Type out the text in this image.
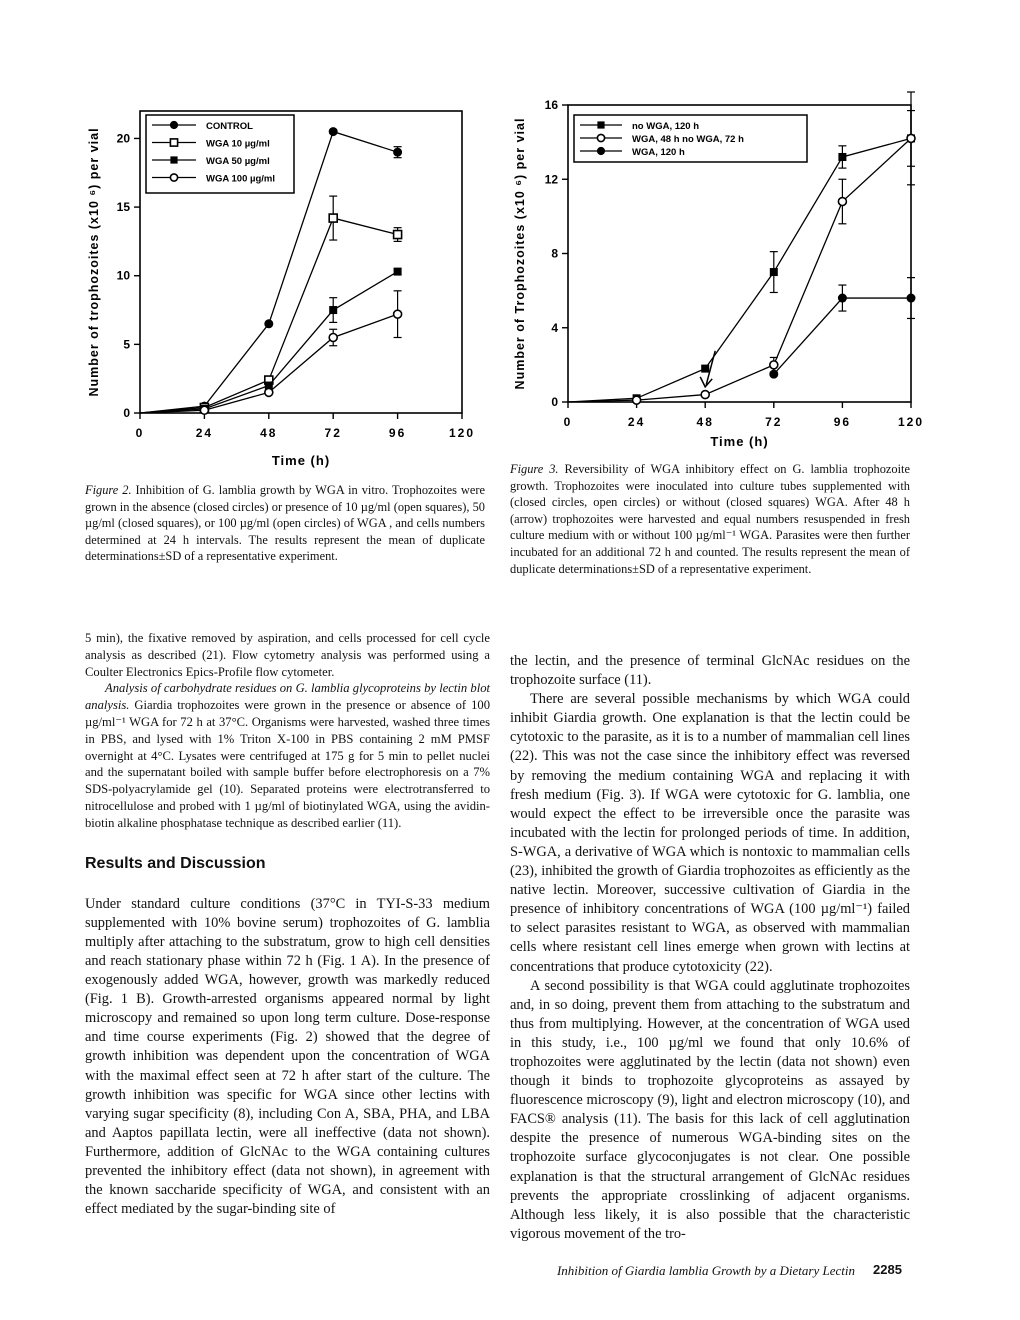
0	24	48	72	96	120
0
5
10
15
20
Time (h)
Number of trophozoites (x10 ⁶) per vial
CONTROL
WGA 10 µg/ml
WGA 50 µg/ml
WGA 100 µg/ml
0	24	48	72	96	120
0
4
8
12
16
Time (h)
Number of Trophozoites (x10 ⁶) per vial	no WGA, 120 h
WGA, 48 h no WGA, 72 h
WGA, 120 h
Figure 2. Inhibition of G. lamblia growth by WGA in vitro. Trophozoites were grown in the absence (closed circles) or presence of 10 µg/ml (open squares), 50 µg/ml (closed squares), or 100 µg/ml (open circles) of WGA , and cells numbers determined at 24 h intervals. The results represent the mean of duplicate determinations±SD of a representative experiment.
Figure 3. Reversibility of WGA inhibitory effect on G. lamblia trophozoite growth. Trophozoites were inoculated into culture tubes supplemented with (closed circles, open circles) or without (closed squares) WGA. After 48 h (arrow) trophozoites were harvested and equal numbers resuspended in fresh culture medium with or without 100 µg/ml⁻¹ WGA. Parasites were then further incubated for an additional 72 h and counted. The results represent the mean of duplicate determinations±SD of a representative experiment.

5 min), the fixative removed by aspiration, and cells processed for cell cycle analysis as described (21). Flow cytometry analysis was performed using a Coulter Electronics Epics-Profile flow cytometer.

Analysis of carbohydrate residues on G. lamblia glycoproteins by lectin blot analysis. Giardia trophozoites were grown in the presence or absence of 100 µg/ml⁻¹ WGA for 72 h at 37°C. Organisms were harvested, washed three times in PBS, and lysed with 1% Triton X-100 in PBS containing 2 mM PMSF overnight at 4°C. Lysates were centrifuged at 175 g for 5 min to pellet nuclei and the supernatant boiled with sample buffer before electrophoresis on a 7% SDS-polyacrylamide gel (10). Separated proteins were electrotransferred to nitrocellulose and probed with 1 µg/ml of biotinylated WGA, using the avidin-biotin alkaline phosphatase technique as described earlier (11).

Results and Discussion

Under standard culture conditions (37°C in TYI-S-33 medium supplemented with 10% bovine serum) trophozoites of G. lamblia multiply after attaching to the substratum, grow to high cell densities and reach stationary phase within 72 h (Fig. 1 A). In the presence of exogenously added WGA, however, growth was markedly reduced (Fig. 1 B). Growth-arrested organisms appeared normal by light microscopy and remained so upon long term culture. Dose-response and time course experiments (Fig. 2) showed that the degree of growth inhibition was dependent upon the concentration of WGA with the maximal effect seen at 72 h after start of the culture. The growth inhibition was specific for WGA since other lectins with varying sugar specificity (8), including Con A, SBA, PHA, and LBA and Aaptos papillata lectin, were all ineffective (data not shown). Furthermore, addition of GlcNAc to the WGA containing cultures prevented the inhibitory effect (data not shown), in agreement with the known saccharide specificity of WGA, and consistent with an effect mediated by the sugar-binding site of

the lectin, and the presence of terminal GlcNAc residues on the trophozoite surface (11).

There are several possible mechanisms by which WGA could inhibit Giardia growth. One explanation is that the lectin could be cytotoxic to the parasite, as it is to a number of mammalian cell lines (22). This was not the case since the inhibitory effect was reversed by removing the medium containing WGA and replacing it with fresh medium (Fig. 3). If WGA were cytotoxic for G. lamblia, one would expect the effect to be irreversible once the parasite was incubated with the lectin for prolonged periods of time. In addition, S-WGA, a derivative of WGA which is nontoxic to mammalian cells (23), inhibited the growth of Giardia trophozoites as efficiently as the native lectin. Moreover, successive cultivation of Giardia in the presence of inhibitory concentrations of WGA (100 µg/ml⁻¹) failed to select parasites resistant to WGA, as observed with mammalian cells where resistant cell lines emerge when grown with lectins at concentrations that produce cytotoxicity (22).

A second possibility is that WGA could agglutinate trophozoites and, in so doing, prevent them from attaching to the substratum and thus from multiplying. However, at the concentration of WGA used in this study, i.e., 100 µg/ml we found that only 10.6% of trophozoites were agglutinated by the lectin (data not shown) even though it binds to trophozoite glycoproteins as assayed by fluorescence microscopy (9), light and electron microscopy (10), and FACS® analysis (11). The basis for this lack of cell agglutination despite the presence of numerous WGA-binding sites on the trophozoite surface glycoconjugates is not clear. One possible explanation is that the structural arrangement of GlcNAc residues prevents the appropriate crosslinking of adjacent organisms. Although less likely, it is also possible that the characteristic vigorous movement of the tro-

Inhibition of Giardia lamblia Growth by a Dietary Lectin 2285
